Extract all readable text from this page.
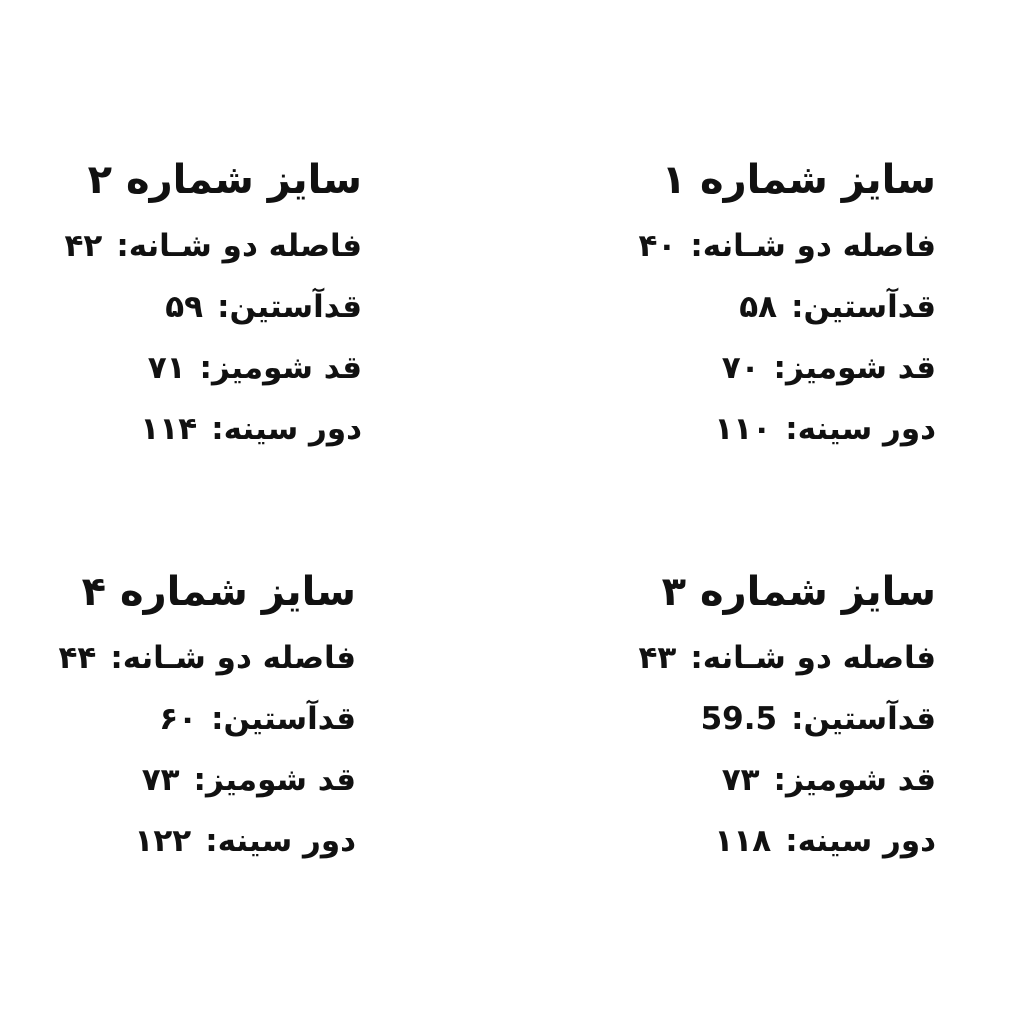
سایز شماره ۱
فاصله دو شـانه:۴۰
قدآستین:۵۸
قد شومیز:۷۰
دور سینه:۱۱۰
سایز شماره ۲
فاصله دو شـانه:۴۲
قدآستین:۵۹
قد شومیز:۷۱
دور سینه:۱۱۴
سایز شماره ۳
فاصله دو شـانه:۴۳
قدآستین:59.5
قد شومیز:۷۳
دور سینه:۱۱۸
سایز شماره ۴
فاصله دو شـانه:۴۴
قدآستین:۶۰
قد شومیز:۷۳
دور سینه:۱۲۲
